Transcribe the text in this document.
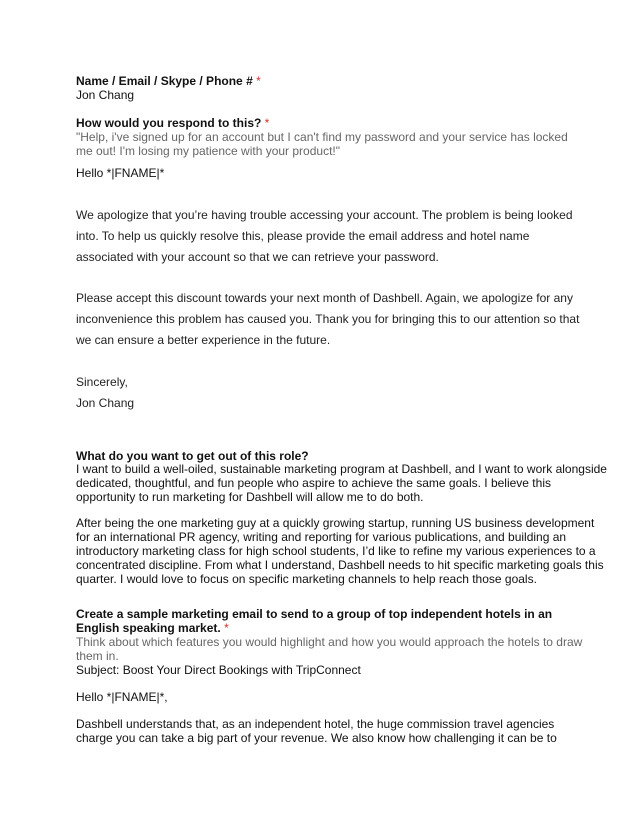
Name / Email / Skype / Phone # *
Jon Chang
How would you respond to this? *
"Help, i've signed up for an account but I can't find my password and your service has locked
me out! I'm losing my patience with your product!"
Hello *|FNAME|*
We apologize that you’re having trouble accessing your account. The problem is being looked
into. To help us quickly resolve this, please provide the email address and hotel name
associated with your account so that we can retrieve your password.
Please accept this discount towards your next month of Dashbell. Again, we apologize for any
inconvenience this problem has caused you. Thank you for bringing this to our attention so that
we can ensure a better experience in the future.
Sincerely,
Jon Chang
What do you want to get out of this role?
I want to build a well-oiled, sustainable marketing program at Dashbell, and I want to work alongside
dedicated, thoughtful, and fun people who aspire to achieve the same goals. I believe this
opportunity to run marketing for Dashbell will allow me to do both.
After being the one marketing guy at a quickly growing startup, running US business development
for an international PR agency, writing and reporting for various publications, and building an
introductory marketing class for high school students, I’d like to refine my various experiences to a
concentrated discipline. From what I understand, Dashbell needs to hit specific marketing goals this
quarter. I would love to focus on specific marketing channels to help reach those goals.
Create a sample marketing email to send to a group of top independent hotels in an
English speaking market. *
Think about which features you would highlight and how you would approach the hotels to draw
them in.
Subject: Boost Your Direct Bookings with TripConnect
Hello *|FNAME|*,
Dashbell understands that, as an independent hotel, the huge commission travel agencies
charge you can take a big part of your revenue. We also know how challenging it can be to
